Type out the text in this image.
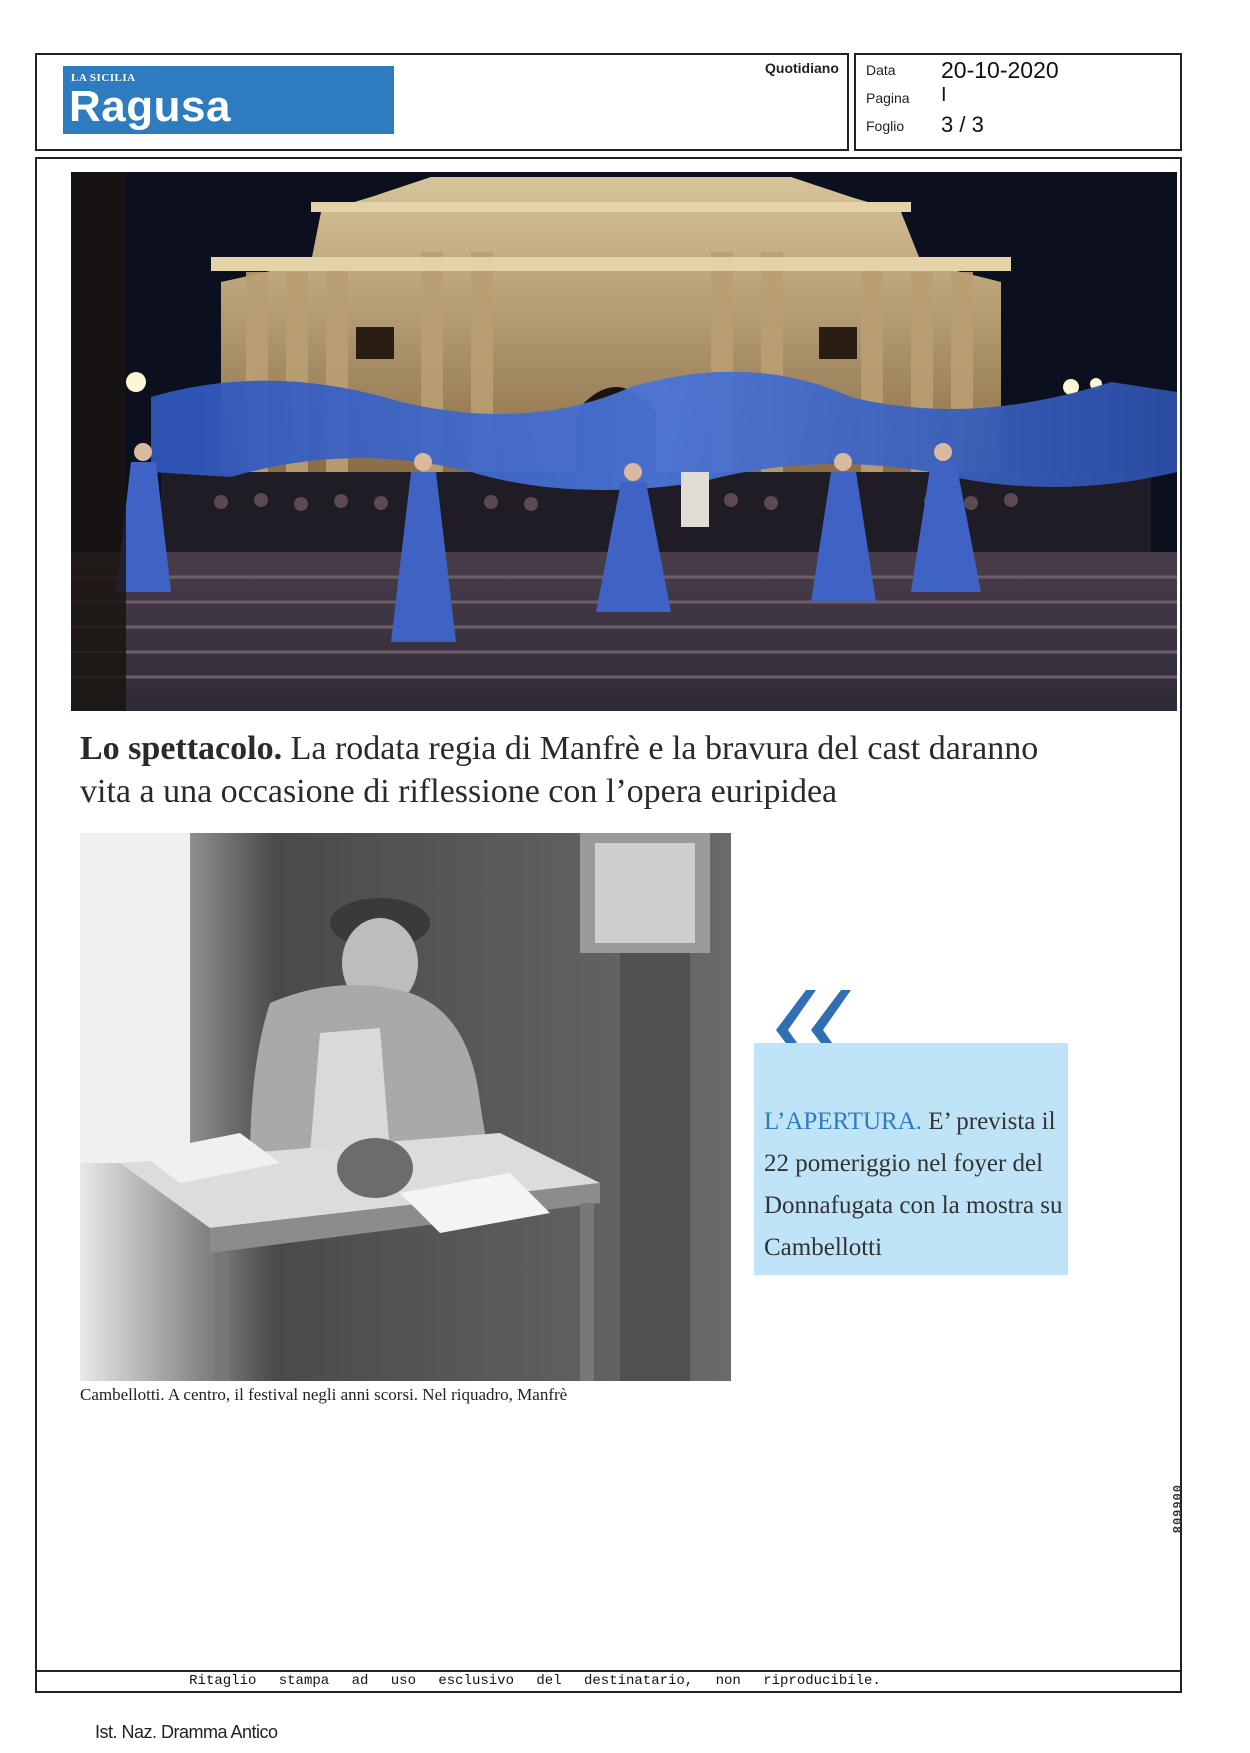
LA SICILIA
Ragusa
Quotidiano Data 20-10-2020
Pagina I
Foglio 3 / 3
Lo spettacolo. La rodata regia di Manfrè e la bravura del cast daranno vita a una occasione di riflessione con l’opera euripidea
Cambellotti. A centro, il festival negli anni scorsi. Nel riquadro, Manfrè
L’APERTURA. E’ prevista il 22 pomeriggio nel foyer del Donnafugata con la mostra su Cambellotti
006608
Ritaglio stampa ad uso esclusivo del destinatario, non riproducibile.
Ist. Naz. Dramma Antico
